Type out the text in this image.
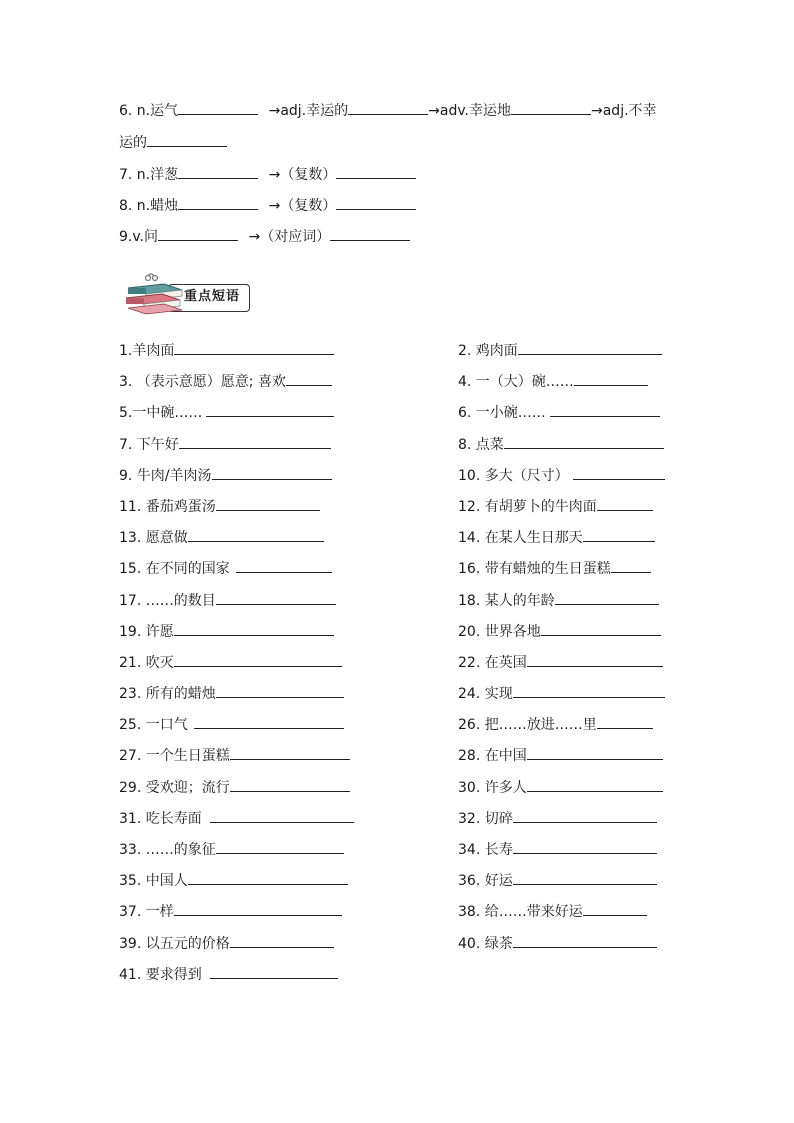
6. n.运气	→adj.幸运的	→adv.幸运地	→adj.不幸
运的
7. n.洋葱	→（复数）
8. n.蜡烛	→（复数）
9.v.问	→（对应词）
重点短语
1.羊肉面	2. 鸡肉面
3. （表示意愿）愿意; 喜欢	4. 一（大）碗……
5.一中碗……	6. 一小碗……
7. 下午好	8. 点菜
9. 牛肉/羊肉汤	10. 多大（尺寸）
11. 番茄鸡蛋汤	12. 有胡萝卜的牛肉面
13. 愿意做	14. 在某人生日那天
15. 在不同的国家	16. 带有蜡烛的生日蛋糕
17. ……的数目	18. 某人的年龄
19. 许愿	20. 世界各地
21. 吹灭	22. 在英国
23. 所有的蜡烛	24. 实现
25. 一口气	26. 把……放进……里
27. 一个生日蛋糕	28. 在中国
29. 受欢迎；流行	30. 许多人
31. 吃长寿面	32. 切碎
33. ……的象征	34. 长寿
35. 中国人	36. 好运
37. 一样	38. 给……带来好运
39. 以五元的价格	40. 绿茶
41. 要求得到
